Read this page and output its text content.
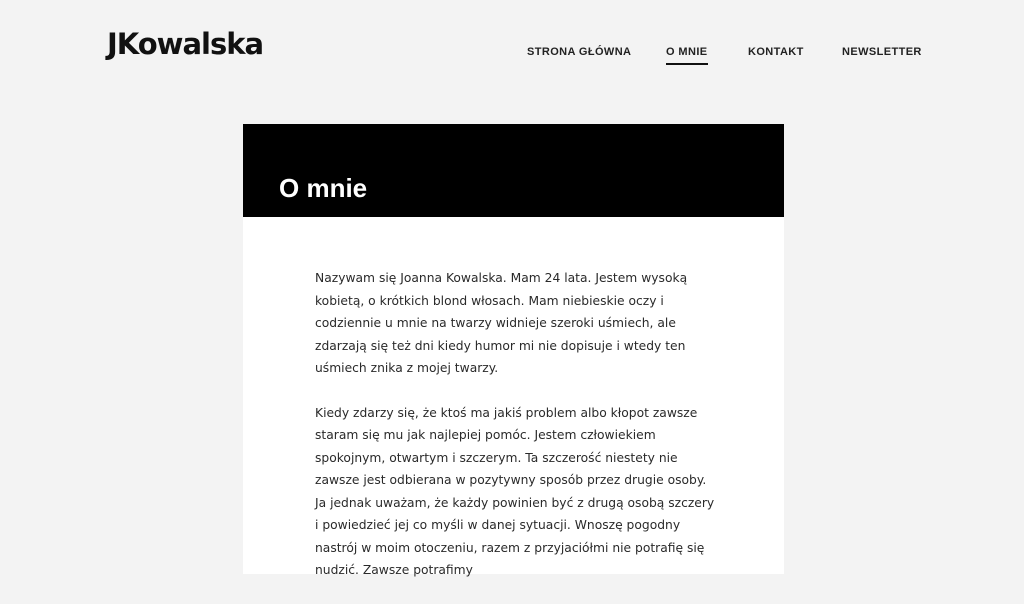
JKowalska	STRONA GŁÓWNA	O MNIE	KONTAKT	NEWSLETTER
O mnie

Nazywam się Joanna Kowalska. Mam 24 lata. Jestem wysoką kobietą, o krótkich blond włosach. Mam niebieskie oczy i codziennie u mnie na twarzy widnieje szeroki uśmiech, ale zdarzają się też dni kiedy humor mi nie dopisuje i wtedy ten uśmiech znika z mojej twarzy.

Kiedy zdarzy się, że ktoś ma jakiś problem albo kłopot zawsze staram się mu jak najlepiej pomóc. Jestem człowiekiem spokojnym, otwartym i szczerym. Ta szczerość niestety nie zawsze jest odbierana w pozytywny sposób przez drugie osoby. Ja jednak uważam, że każdy powinien być z drugą osobą szczery i powiedzieć jej co myśli w danej sytuacji. Wnoszę pogodny nastrój w moim otoczeniu, razem z przyjaciółmi nie potrafię się nudzić. Zawsze potrafimy
